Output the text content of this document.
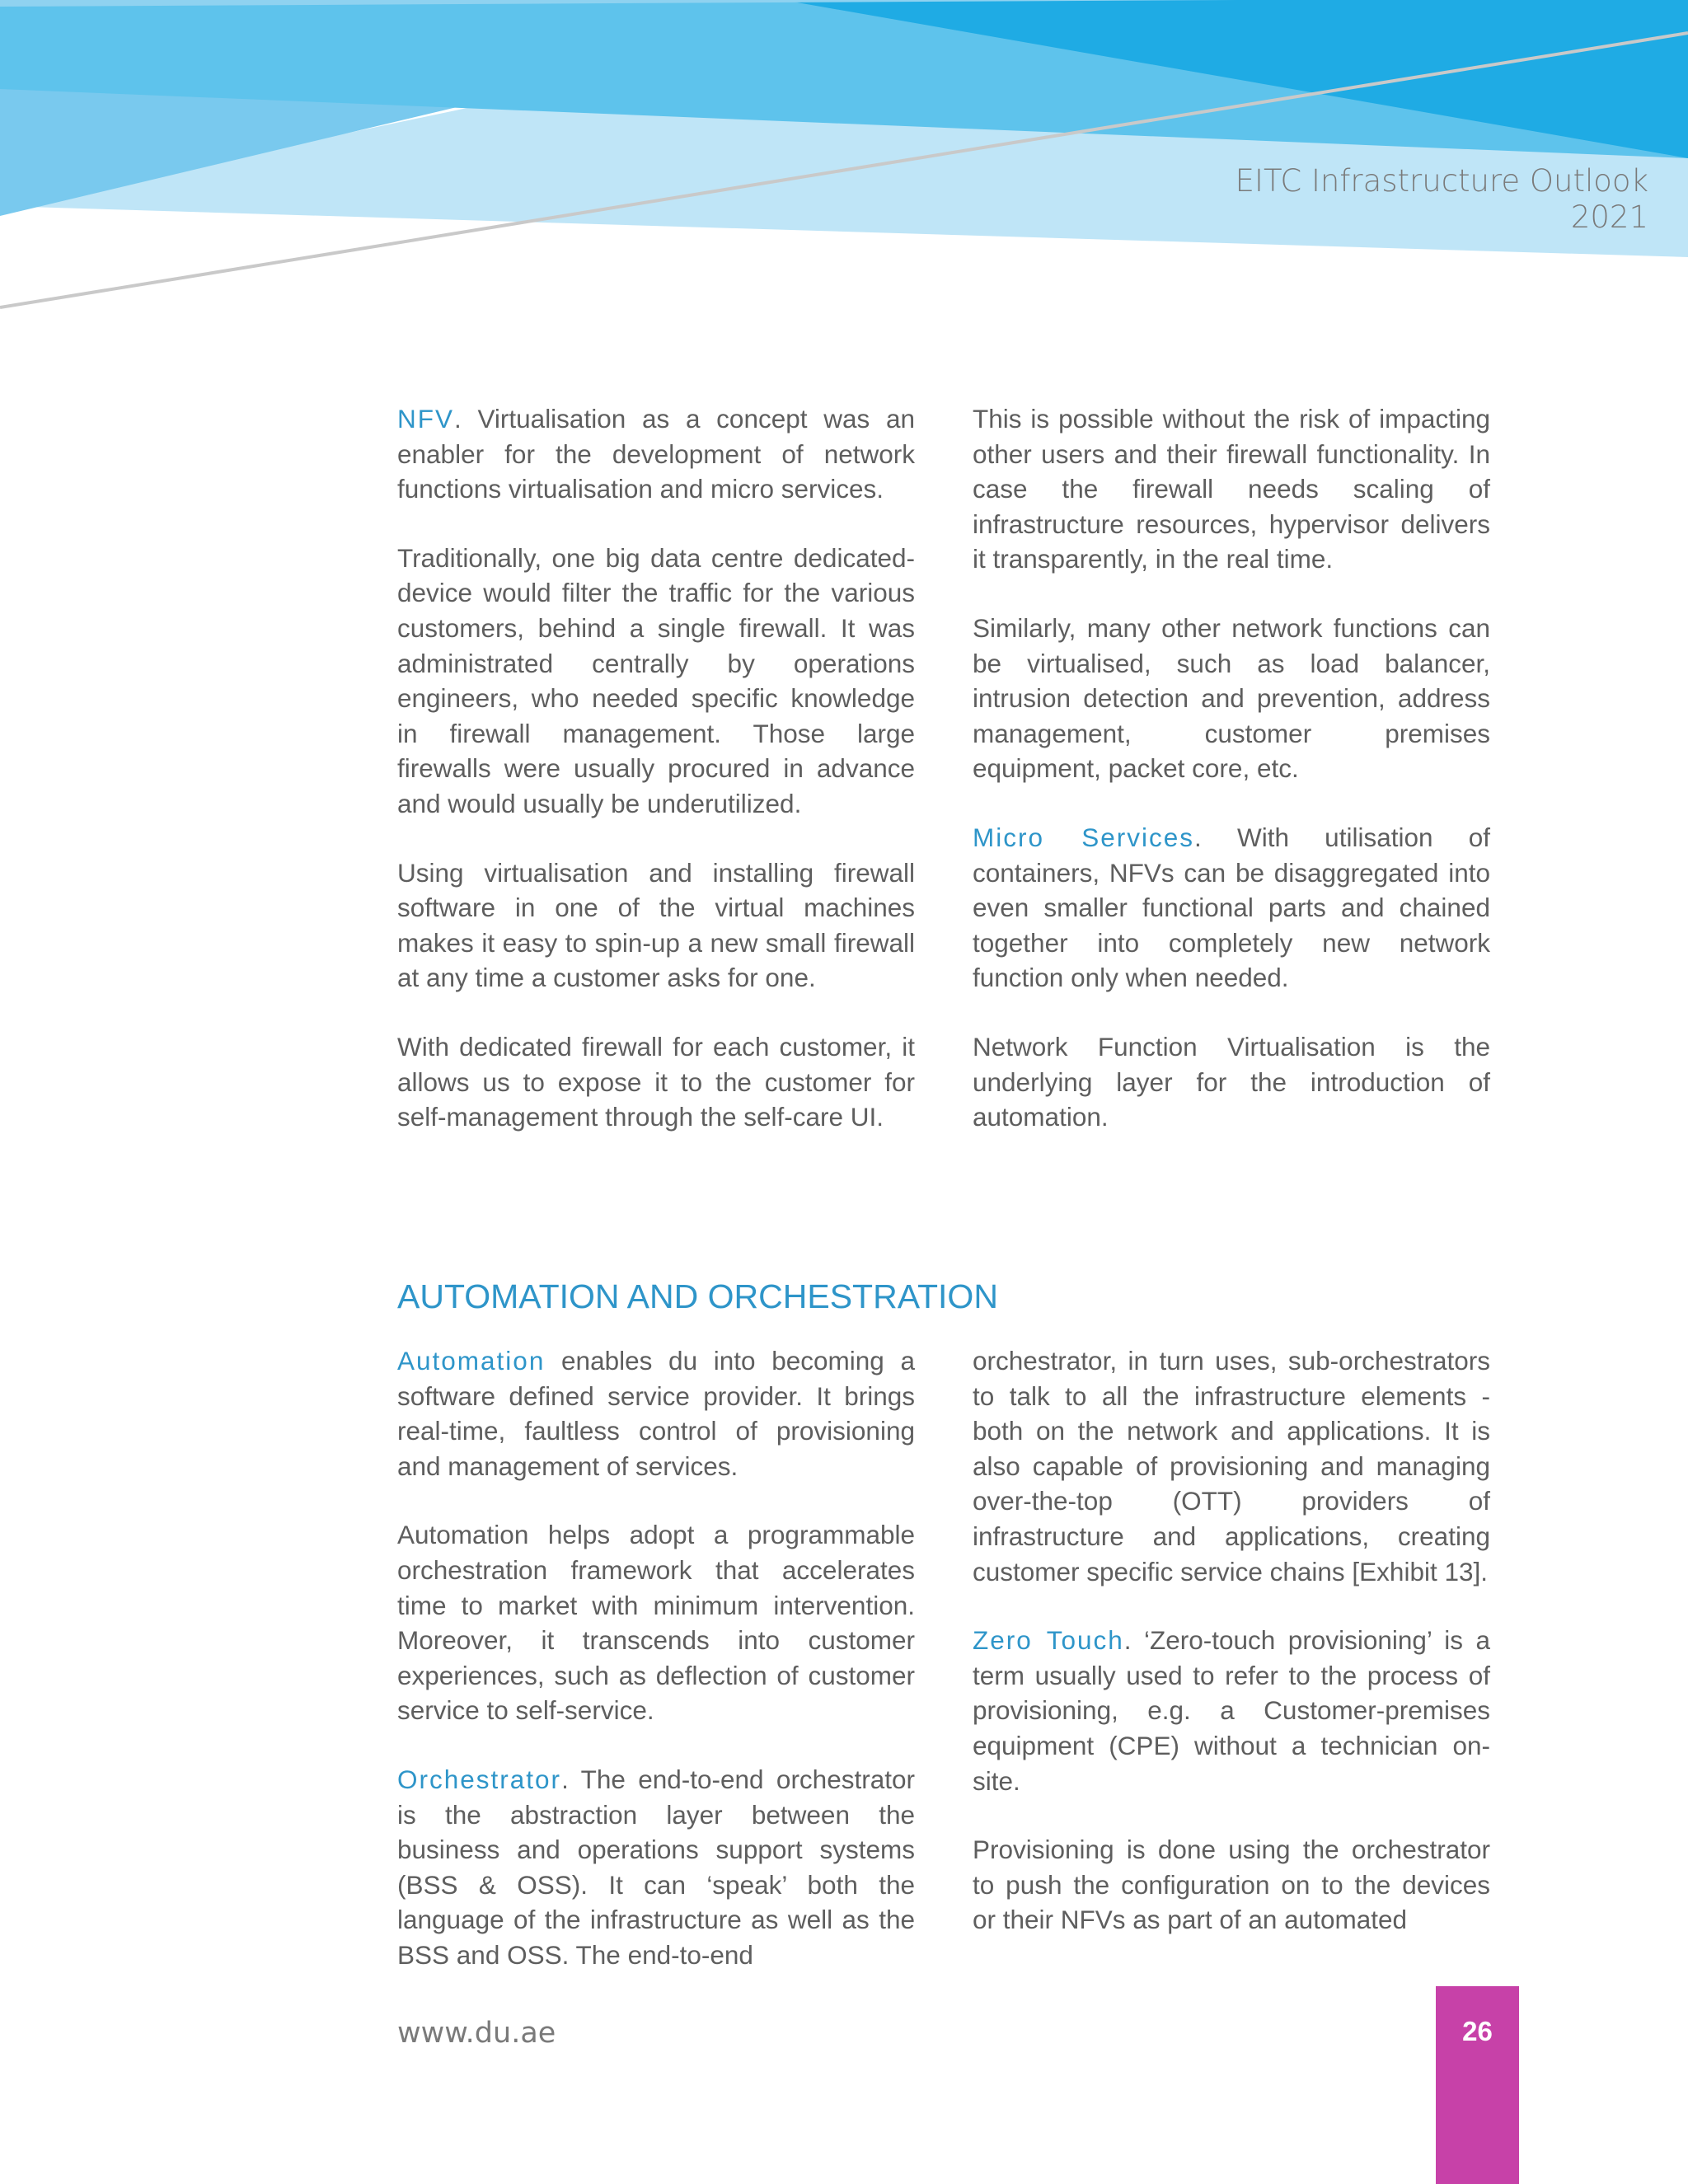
EITC Infrastructure Outlook
2021

NFV. Virtualisation as a concept was an enabler for the development of network functions virtualisation and micro services.

Traditionally, one big data centre dedicated-device would filter the traffic for the various customers, behind a single firewall. It was administrated centrally by operations engineers, who needed specific knowledge in firewall management. Those large firewalls were usually procured in advance and would usually be underutilized.

Using virtualisation and installing firewall software in one of the virtual machines makes it easy to spin-up a new small firewall at any time a customer asks for one.

With dedicated firewall for each customer, it allows us to expose it to the customer for self-management through the self-care UI.

This is possible without the risk of impacting other users and their firewall functionality. In case the firewall needs scaling of infrastructure resources, hypervisor delivers it transparently, in the real time.

Similarly, many other network functions can be virtualised, such as load balancer, intrusion detection and prevention, address management, customer premises equipment, packet core, etc.

Micro Services. With utilisation of containers, NFVs can be disaggregated into even smaller functional parts and chained together into completely new network function only when needed.

Network Function Virtualisation is the underlying layer for the introduction of automation.

AUTOMATION AND ORCHESTRATION

Automation enables du into becoming a software defined service provider. It brings real-time, faultless control of provisioning and management of services.

Automation helps adopt a programmable orchestration framework that accelerates time to market with minimum intervention. Moreover, it transcends into customer experiences, such as deflection of customer service to self-service.

Orchestrator. The end-to-end orchestrator is the abstraction layer between the business and operations support systems (BSS & OSS). It can ‘speak’ both the language of the infrastructure as well as the BSS and OSS. The end-to-end

orchestrator, in turn uses, sub-orchestrators to talk to all the infrastructure elements - both on the network and applications. It is also capable of provisioning and managing over-the-top (OTT) providers of infrastructure and applications, creating customer specific service chains [Exhibit 13].

Zero Touch. ‘Zero-touch provisioning’ is a term usually used to refer to the process of provisioning, e.g. a Customer-premises equipment (CPE) without a technician on-site.

Provisioning is done using the orchestrator to push the configuration on to the devices or their NFVs as part of an automated

www.du.ae	26
